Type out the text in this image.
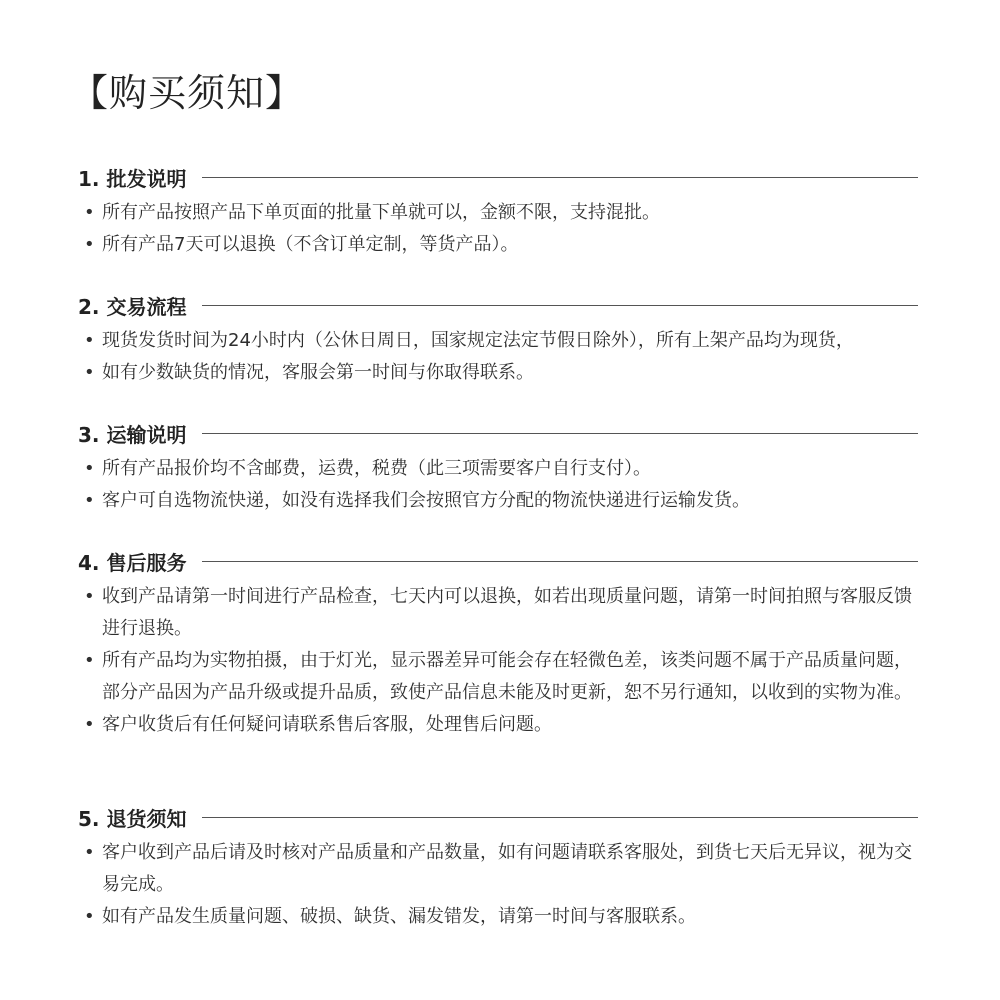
【购买须知】
1. 批发说明
• 所有产品按照产品下单页面的批量下单就可以，金额不限，支持混批。
• 所有产品7天可以退换（不含订单定制，等货产品）。
2. 交易流程
• 现货发货时间为24小时内（公休日周日，国家规定法定节假日除外），所有上架产品均为现货，
• 如有少数缺货的情况，客服会第一时间与你取得联系。
3. 运输说明
• 所有产品报价均不含邮费，运费，税费（此三项需要客户自行支付）。
• 客户可自选物流快递，如没有选择我们会按照官方分配的物流快递进行运输发货。
4. 售后服务
• 收到产品请第一时间进行产品检查，七天内可以退换，如若出现质量问题，请第一时间拍照与客服反馈进行退换。
• 所有产品均为实物拍摄，由于灯光，显示器差异可能会存在轻微色差，该类问题不属于产品质量问题，部分产品因为产品升级或提升品质，致使产品信息未能及时更新，恕不另行通知，以收到的实物为准。
• 客户收货后有任何疑问请联系售后客服，处理售后问题。
5. 退货须知
• 客户收到产品后请及时核对产品质量和产品数量，如有问题请联系客服处，到货七天后无异议，视为交易完成。
• 如有产品发生质量问题、破损、缺货、漏发错发，请第一时间与客服联系。
